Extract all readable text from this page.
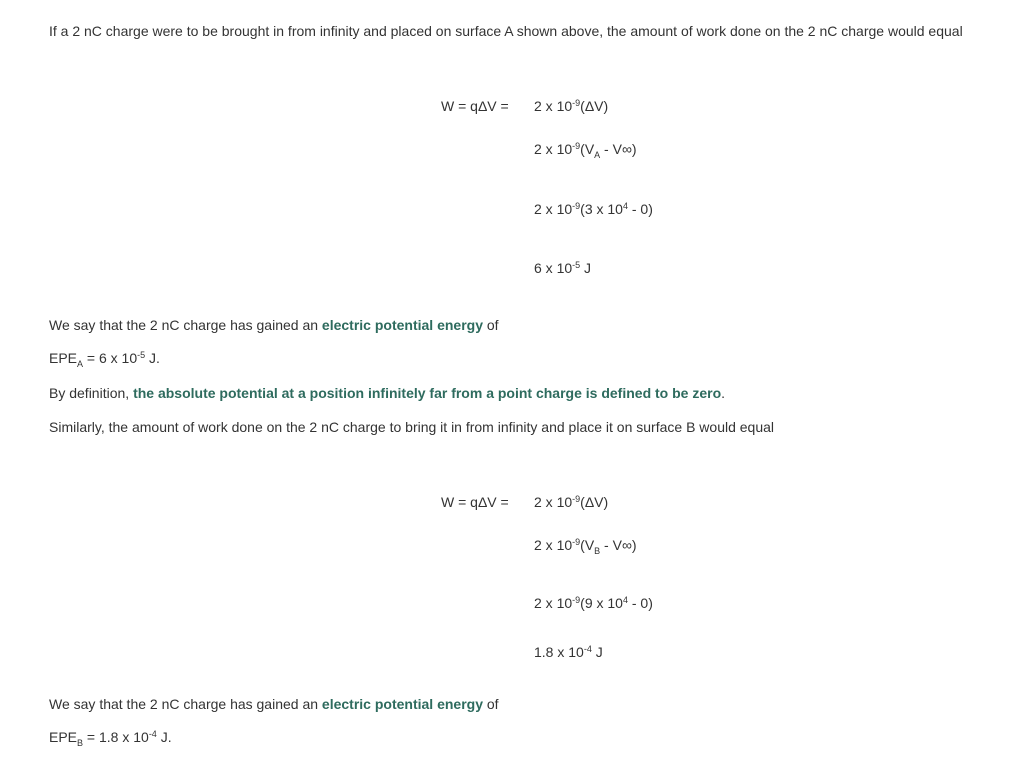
If a 2 nC charge were to be brought in from infinity and placed on surface A shown above, the amount of work done on the 2 nC charge would equal
W = qΔV = 2 x $10^{-9}(\Delta V)$
2 x $10^{-9}(V_A - V\infty)$
2 x $10^{-9}(3$ x $10^4 - 0$)
6 x $10^{-5}$ J
We say that the 2 nC charge has gained an electric potential energy of
$EPE_A = 6$ x $10^{-5}$ J.
By definition, the absolute potential at a position infinitely far from a point charge is defined to be zero.
Similarly, the amount of work done on the 2 nC charge to bring it in from infinity and place it on surface B would equal
W = qΔV = 2 x $10^{-9}(\Delta V)$
2 x $10^{-9}(V_B - V\infty)$
2 x $10^{-9}(9$ x $10^4 - 0$)
1.8 x $10^{-4}$ J
We say that the 2 nC charge has gained an electric potential energy of
$EPE_B = 1.8$ x $10^{-4}$ J.
